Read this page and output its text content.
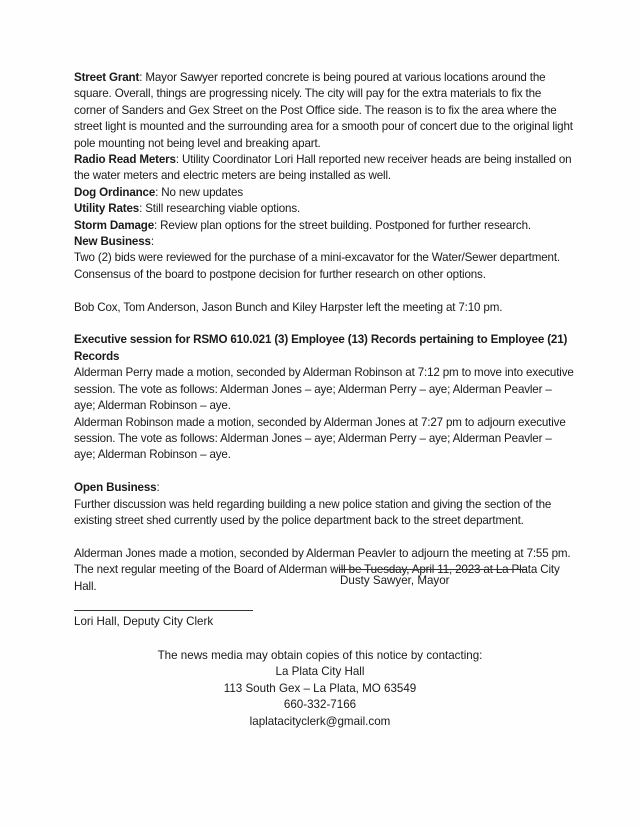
Street Grant: Mayor Sawyer reported concrete is being poured at various locations around the square. Overall, things are progressing nicely. The city will pay for the extra materials to fix the corner of Sanders and Gex Street on the Post Office side. The reason is to fix the area where the street light is mounted and the surrounding area for a smooth pour of concert due to the original light pole mounting not being level and breaking apart.

Radio Read Meters: Utility Coordinator Lori Hall reported new receiver heads are being installed on the water meters and electric meters are being installed as well.

Dog Ordinance: No new updates

Utility Rates: Still researching viable options.

Storm Damage: Review plan options for the street building. Postponed for further research.

New Business:

Two (2) bids were reviewed for the purchase of a mini-excavator for the Water/Sewer department. Consensus of the board to postpone decision for further research on other options.

Bob Cox, Tom Anderson, Jason Bunch and Kiley Harpster left the meeting at 7:10 pm.

Executive session for RSMO 610.021 (3) Employee (13) Records pertaining to Employee (21) Records

Alderman Perry made a motion, seconded by Alderman Robinson at 7:12 pm to move into executive session. The vote as follows: Alderman Jones – aye; Alderman Perry – aye; Alderman Peavler – aye; Alderman Robinson – aye.

Alderman Robinson made a motion, seconded by Alderman Jones at 7:27 pm to adjourn executive session. The vote as follows: Alderman Jones – aye; Alderman Perry – aye; Alderman Peavler – aye; Alderman Robinson – aye.

Open Business:

Further discussion was held regarding building a new police station and giving the section of the existing street shed currently used by the police department back to the street department.

Alderman Jones made a motion, seconded by Alderman Peavler to adjourn the meeting at 7:55 pm. The next regular meeting of the Board of Alderman will be Tuesday, April 11, 2023 at La Plata City Hall.	Dusty Sawyer, Mayor
Lori Hall, Deputy City Clerk

The news media may obtain copies of this notice by contacting:

La Plata City Hall

113 South Gex – La Plata, MO 63549

660-332-7166

laplatacityclerk@gmail.com
